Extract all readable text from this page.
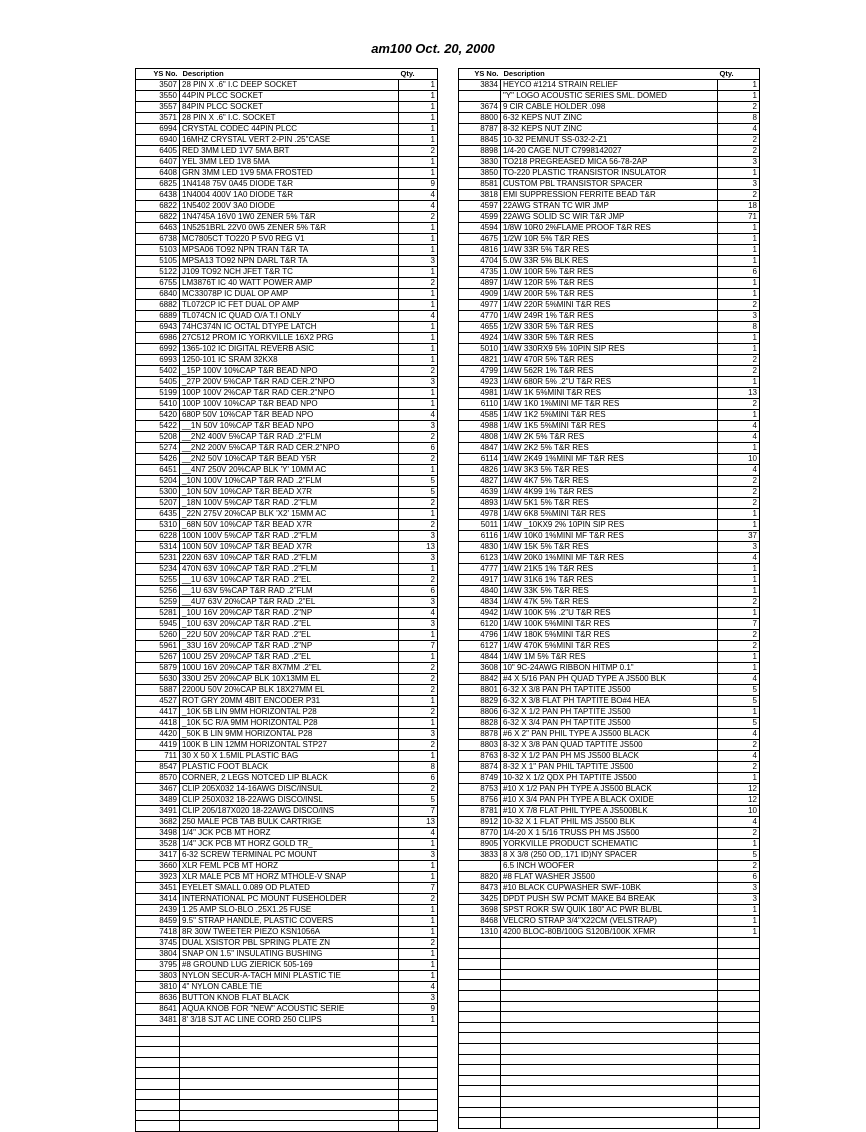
am100 Oct. 20, 2000
YS No.	Description	Qty.
3507	28 PIN X .6" I.C DEEP SOCKET	1
3550	44PIN PLCC SOCKET	1
3557	84PIN PLCC SOCKET	1
3571	28 PIN X .6" I.C. SOCKET	1
6994	CRYSTAL CODEC 44PIN PLCC	1
6940	16MHZ CRYSTAL VERT 2-PIN .25"CASE	1
6405	RED 3MM LED 1V7 5MA BRT	2
6407	YEL 3MM LED 1V8 5MA	1
6408	GRN 3MM LED 1V9 5MA FROSTED	1
6825	1N4148 75V 0A45 DIODE T&R	9
6438	1N4004 400V 1A0 DIODE T&R	4
6822	1N5402 200V 3A0 DIODE	4
6822	1N4745A 16V0 1W0 ZENER 5% T&R	2
6463	1N5251BRL 22V0 0W5 ZENER 5% T&R	1
6738	MC7805CT TO220 P 5V0 REG V1	1
5103	MPSA06 TO92 NPN TRAN T&R TA	1
5105	MPSA13 TO92 NPN DARL T&R TA	3
5122	J109 TO92 NCH JFET T&R TC	1
6755	LM3876T IC 40 WATT POWER AMP	2
6840	MC33078P IC DUAL OP AMP	1
6882	TL072CP IC FET DUAL OP AMP	1
6889	TL074CN IC QUAD O/A T.I ONLY	4
6943	74HC374N IC OCTAL DTYPE LATCH	1
6986	27C512 PROM IC YORKVILLE 16X2 PRG	1
6992	1365-102 IC DIGITAL REVERB ASIC	1
6993	1250-101 IC SRAM 32KX8	1
5402	_15P 100V 10%CAP T&R BEAD NPO	2
5405	_27P 200V 5%CAP T&R RAD CER.2"NPO	3
5199	100P 100V 2%CAP T&R RAD CER.2"NPO	1
5410	100P 100V 10%CAP T&R BEAD NPO	1
5420	680P 50V 10%CAP T&R BEAD NPO	4
5422	__1N 50V 10%CAP T&R BEAD NPO	3
5208	__2N2 400V 5%CAP T&R RAD .2"FLM	2
5274	__2N2 200V 5%CAP T&R RAD CER.2"NPO	6
5426	__2N2 50V 10%CAP T&R BEAD Y5R	2
6451	__4N7 250V 20%CAP BLK 'Y' 10MM AC	1
5204	_10N 100V 10%CAP T&R RAD .2"FLM	5
5300	_10N 50V 10%CAP T&R BEAD X7R	5
5207	_18N 100V 5%CAP T&R RAD .2"FLM	2
6435	_22N 275V 20%CAP BLK 'X2' 15MM AC	1
5310	_68N 50V 10%CAP T&R BEAD X7R	2
6228	100N 100V 5%CAP T&R RAD .2"FLM	3
5314	100N 50V 10%CAP T&R BEAD X7R	13
5231	220N 63V 10%CAP T&R RAD .2"FLM	3
5234	470N 63V 10%CAP T&R RAD .2"FLM	1
5255	__1U 63V 10%CAP T&R RAD .2"EL	2
5256	__1U 63V 5%CAP T&R RAD .2"FLM	6
5259	__4U7 63V 20%CAP T&R RAD .2"EL	3
5281	_10U 16V 20%CAP T&R RAD .2"NP	4
5945	_10U 63V 20%CAP T&R RAD .2"EL	3
5260	_22U 50V 20%CAP T&R RAD .2"EL	1
5961	_33U 16V 20%CAP T&R RAD .2"NP	7
5267	100U 25V 20%CAP T&R RAD .2"EL	1
5879	100U 16V 20%CAP T&R 8X7MM .2"EL	2
5630	330U 25V 20%CAP BLK 10X13MM EL	2
5887	2200U 50V 20%CAP BLK 18X27MM EL	2
4527	ROT GRY 20MM 4BIT ENCODER P31	1
4417	_10K 5B LIN 9MM HORIZONTAL P28	2
4418	_10K 5C R/A 9MM HORIZONTAL P28	1
4420	_50K B LIN 9MM HORIZONTAL P28	3
4419	100K B LIN 12MM HORIZONTAL STP27	2
711	30 X 50 X 1.5MIL PLASTIC BAG	1
8547	PLASTIC FOOT BLACK	8
8570	CORNER, 2 LEGS NOTCED LIP BLACK	6
3467	CLIP 205X032 14-16AWG DISC/INSUL	2
3489	CLIP 250X032 18-22AWG DISCO/INSL	5
3491	CLIP 205/187X020 18-22AWG DISCO/INS	7
3682	250 MALE PCB TAB BULK CARTRIGE	13
3498	1/4" JCK PCB MT HORZ	4
3528	1/4" JCK PCB MT HORZ GOLD TR_	1
3417	6-32 SCREW TERMINAL PC MOUNT	3
3660	XLR FEML PCB MT HORZ	1
3923	XLR MALE PCB MT HORZ MTHOLE-V SNAP	1
3451	EYELET SMALL 0.089 OD PLATED	7
3414	INTERNATIONAL PC MOUNT FUSEHOLDER	2
2439	1.25 AMP SLO-BLO .25X1.25 FUSE	1
8459	9.5" STRAP HANDLE, PLASTIC COVERS	1
7418	8R 30W TWEETER PIEZO KSN1056A	1
3745	DUAL XSISTOR PBL SPRING PLATE ZN	2
3804	SNAP ON 1.5" INSULATING BUSHING	1
3795	#8 GROUND LUG ZIERICK 505-169	1
3803	NYLON SECUR-A-TACH MINI PLASTIC TIE	1
3810	4" NYLON CABLE TIE	4
8636	BUTTON KNOB FLAT BLACK	3
8641	AQUA KNOB FOR "NEW" ACOUSTIC SERIE	9
3481	8' 3/18 SJT AC LINE CORD 250 CLIPS	1

YS No.	Description	Qty.
3834	HEYCO #1214 STRAIN RELIEF	1
	"Y" LOGO ACOUSTIC SERIES SML. DOMED	1
3674	9 CIR CABLE HOLDER .098	2
8800	6-32 KEPS NUT ZINC	8
8787	8-32 KEPS NUT ZINC	4
8845	10-32 PEMNUT SS-032-2-Z1	2
8898	1/4-20 CAGE NUT C7998142027	2
3830	TO218 PREGREASED MICA 56-78-2AP	3
3850	TO-220 PLASTIC TRANSISTOR INSULATOR	1
8581	CUSTOM PBL TRANSISTOR SPACER	3
3818	EMI SUPPRESSION FERRITE BEAD T&R	2
4597	22AWG STRAN TC WIR JMP	18
4599	22AWG SOLID SC WIR T&R JMP	71
4594	1/8W 10R0 2%FLAME PROOF T&R RES	1
4675	1/2W 10R 5% T&R RES	1
4816	1/4W 33R 5% T&R RES	1
4704	5.0W 33R 5% BLK RES	1
4735	1.0W 100R 5% T&R RES	6
4897	1/4W 120R 5% T&R RES	1
4909	1/4W 200R 5% T&R RES	1
4977	1/4W 220R 5%MINI T&R RES	2
4770	1/4W 249R 1% T&R RES	3
4655	1/2W 330R 5% T&R RES	8
4924	1/4W 330R 5% T&R RES	1
5010	1/4W 330RX9 5% 10PIN SIP RES	1
4821	1/4W 470R 5% T&R RES	2
4799	1/4W 562R 1% T&R RES	2
4923	1/4W 680R 5% .2"U T&R RES	1
4981	1/4W 1K 5%MINI T&R RES	13
6110	1/4W 1K0 1%MINI MF T&R RES	2
4585	1/4W 1K2 5%MINI T&R RES	1
4988	1/4W 1K5 5%MINI T&R RES	4
4808	1/4W 2K 5% T&R RES	4
4847	1/4W 2K2 5% T&R RES	1
6114	1/4W 2K49 1%MINI MF T&R RES	10
4826	1/4W 3K3 5% T&R RES	4
4827	1/4W 4K7 5% T&R RES	2
4639	1/4W 4K99 1% T&R RES	2
4893	1/4W 5K1 5% T&R RES	2
4978	1/4W 6K8 5%MINI T&R RES	1
5011	1/4W _10KX9 2% 10PIN SIP RES	1
6116	1/4W 10K0 1%MINI MF T&R RES	37
4830	1/4W 15K 5% T&R RES	3
6123	1/4W 20K0 1%MINI MF T&R RES	4
4777	1/4W 21K5 1% T&R RES	1
4917	1/4W 31K6 1% T&R RES	1
4840	1/4W 33K 5% T&R RES	1
4834	1/4W 47K 5% T&R RES	2
4942	1/4W 100K 5% .2"U T&R RES	1
6120	1/4W 100K 5%MINI T&R RES	7
4796	1/4W 180K 5%MINI T&R RES	2
6127	1/4W 470K 5%MINI T&R RES	2
4844	1/4W 1M 5% T&R RES	1
3608	10" 9C-24AWG RIBBON HITMP 0.1"	1
8842	#4 X 5/16 PAN PH QUAD TYPE A JS500 BLK	4
8801	6-32 X 3/8 PAN PH TAPTITE JS500	5
8829	6-32 X 3/8 FLAT PH TAPTITE BO#4 HEA	5
8806	6-32 X 1/2 PAN PH TAPTITE JS500	1
8828	6-32 X 3/4 PAN PH TAPTITE JS500	5
8878	#6 X 2" PAN PHIL TYPE A JS500 BLACK	4
8803	8-32 X 3/8 PAN QUAD TAPTITE JS500	2
8763	8-32 X 1/2 PAN PH MS JS500 BLACK	4
8874	8-32 X 1" PAN PHIL TAPTITE JS500	2
8749	10-32 X 1/2 QDX PH TAPTITE JS500	1
8753	#10 X 1/2 PAN PH TYPE A JS500 BLACK	12
8756	#10 X 3/4 PAN PH TYPE A BLACK OXIDE	12
8781	#10 X 7/8 FLAT PHIL TYPE A JS500BLK	10
8912	10-32 X 1 FLAT PHIL MS JS500 BLK	4
8770	1/4-20 X 1 5/16 TRUSS PH MS JS500	2
8905	YORKVILLE PRODUCT SCHEMATIC	1
3833	8 X 3/8 (250 OD,.171 ID)NY SPACER	5
	6.5 INCH WOOFER	2
8820	#8 FLAT WASHER JS500	6
8473	#10 BLACK CUPWASHER SWF-10BK	3
3425	DPDT PUSH SW PCMT MAKE B4 BREAK	3
3698	SPST ROKR SW QUIK 180" AC PWR BL/BL	1
8468	VELCRO STRAP 3/4"X22CM (VELSTRAP)	1
1310	4200 BLOC-80B/100G S120B/100K XFMR	1
